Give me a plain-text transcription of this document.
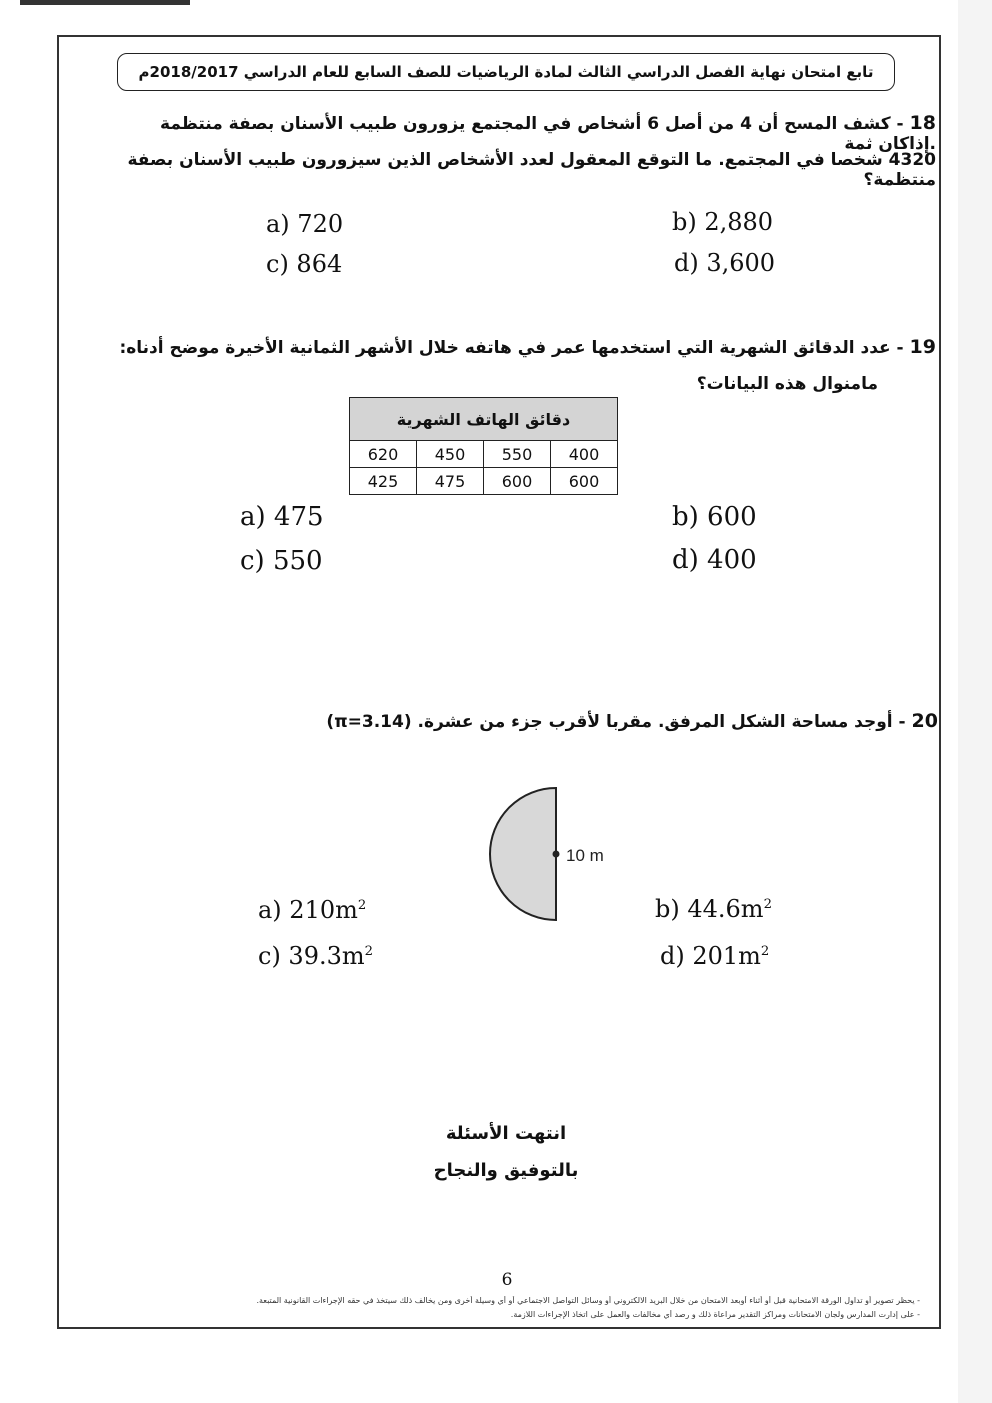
تابع امتحان نهاية الفصل الدراسي الثالث لمادة الرياضيات للصف السابع للعام الدراسي 2018/2017م
18 - كشف المسح أن 4 من أصل 6 أشخاص في المجتمع يزورون طبيب الأسنان بصفة منتظمة .إذاكان ثمة
4320 شخصا في المجتمع. ما التوقع المعقول لعدد الأشخاص الذين سيزورون طبيب الأسنان بصفة منتظمة؟
a) 720	b) 2,880
c) 864	d) 3,600
19 - عدد الدقائق الشهرية التي استخدمها عمر في هاتفه خلال الأشهر الثمانية الأخيرة موضح أدناه:
مامنوال هذه البيانات؟
دقائق الهاتف الشهرية			
620	450	550	400
425	475	600	600
a) 475	b) 600
c) 550	d) 400
20 - أوجد مساحة الشكل المرفق. مقربا لأقرب جزء من عشرة. (π=3.14)
10 m
a) $210m^2$	b) $44.6m^2$
c) $39.3m^2$	d) $201m^2$
انتهت الأسئلة
بالتوفيق والنجاح
6
- يحظر تصوير أو تداول الورقة الامتحانية قبل أو أثناء أوبعد الامتحان من خلال البريد الالكتروني أو وسائل التواصل الاجتماعي أو أي وسيلة أخرى ومن يخالف ذلك سيتخذ في حقه الإجراءات القانونية المتبعة.
- على إدارت المدارس ولجان الامتحانات ومراكز التقدير مراعاة ذلك و رصد أي مخالفات والعمل على اتخاذ الإجراءات اللازمة.
